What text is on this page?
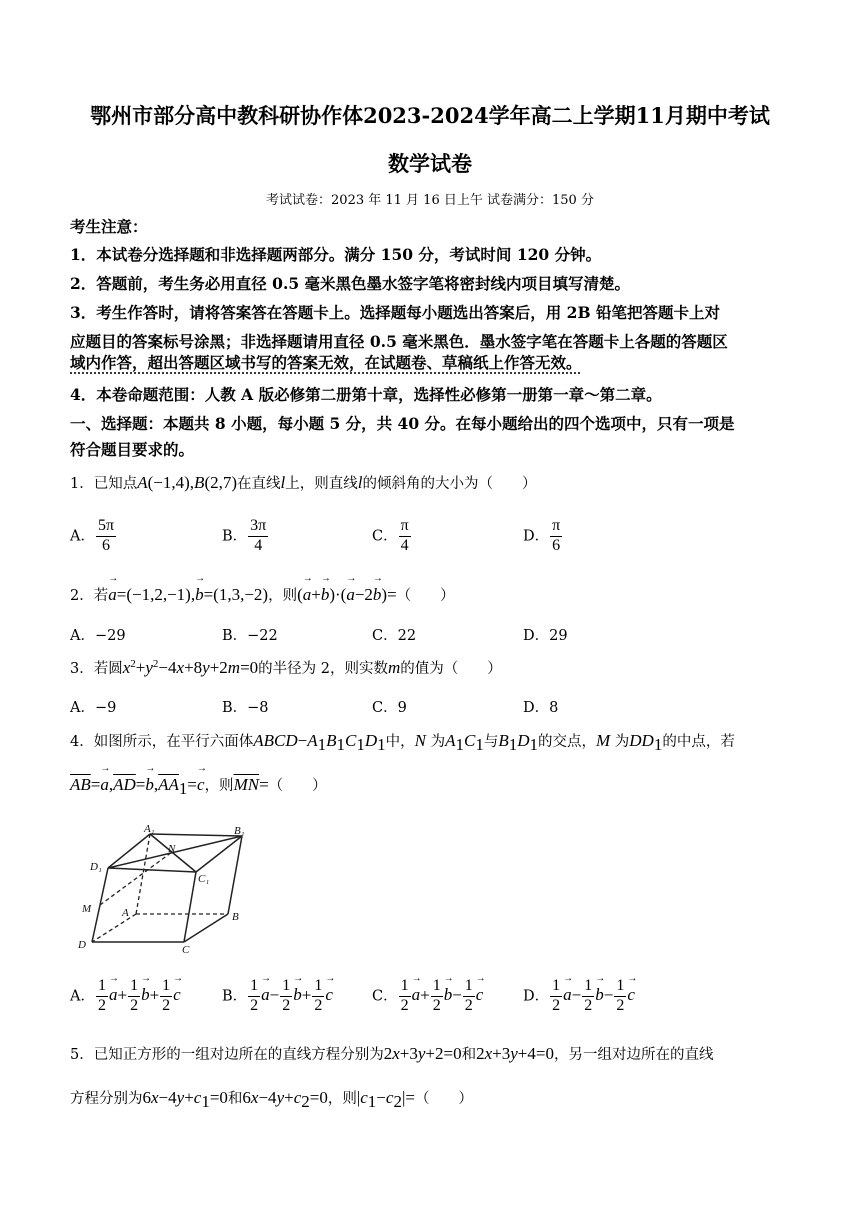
鄂州市部分高中教科研协作体2023-2024学年高二上学期11月期中考试
数学试卷
考试试卷：2023 年 11 月 16 日上午 试卷满分：150 分
考生注意：
1．本试卷分选择题和非选择题两部分。满分 150 分，考试时间 120 分钟。
2．答题前，考生务必用直径 0.5 毫米黑色墨水签字笔将密封线内项目填写清楚。
3．考生作答时，请将答案答在答题卡上。选择题每小题选出答案后，用 2B 铅笔把答题卡上对
应题目的答案标号涂黑；非选择题请用直径 0.5 毫米黑色．墨水签字笔在答题卡上各题的答题区
域内作答，超出答题区域书写的答案无效，在试题卷、草稿纸上作答无效。
4．本卷命题范围：人教 A 版必修第二册第十章，选择性必修第一册第一章～第二章。
一、选择题：本题共 8 小题，每小题 5 分，共 40 分。在每小题给出的四个选项中，只有一项是
符合题目要求的。
1．已知点A(−1,4),B(2,7)在直线l上，则直线l的倾斜角的大小为（　　）
A． $\frac{5\pi}{6}$	B． $\frac{3\pi}{4}$	C． $\frac{\pi}{4}$	D． $\frac{\pi}{6}$
2．若→ a=(−1,2,−1),→ b=(1,3,−2)，则(→ a+→ b)·(→ a−2→ b)=（　　）
A．−29	B．−22	C．22	D．29
3．若圆$x^2+y^2-4x+8y+2m=0$的半径为 2，则实数m的值为（　　）
A．−9	B．−8	C．9	D．8
4．如图所示，在平行六面体$ABCD-A_1B_1C_1D_1$中，N 为$A_1C_1$与$B_1D_1$的交点，M 为$DD_1$的中点，若
$\overline{AB}=\to a,\overline{AD}=\to b,\overline{AA}_1=\to c$，则$\overline{MN}=$（　　）
A₁	B₁
D₁
N
C₁
M	A	B
D	C
A． $\frac{1}{2} \to a+ \frac{1}{2} \to b+ \frac{1}{2} \to c$	B． $\frac{1}{2} \to a- \frac{1}{2} \to b+ \frac{1}{2} \to c$	C． $\frac{1}{2} \to a+ \frac{1}{2} \to b- \frac{1}{2} \to c$	D． $\frac{1}{2} \to a- \frac{1}{2} \to b- \frac{1}{2} \to c$
5．已知正方形的一组对边所在的直线方程分别为2x+3y+2=0和2x+3y+4=0，另一组对边所在的直线
方程分别为$6x-4y+c_1=0$和$6x-4y+c_2=0$，则$|c_1-c_2|=$（　　）
